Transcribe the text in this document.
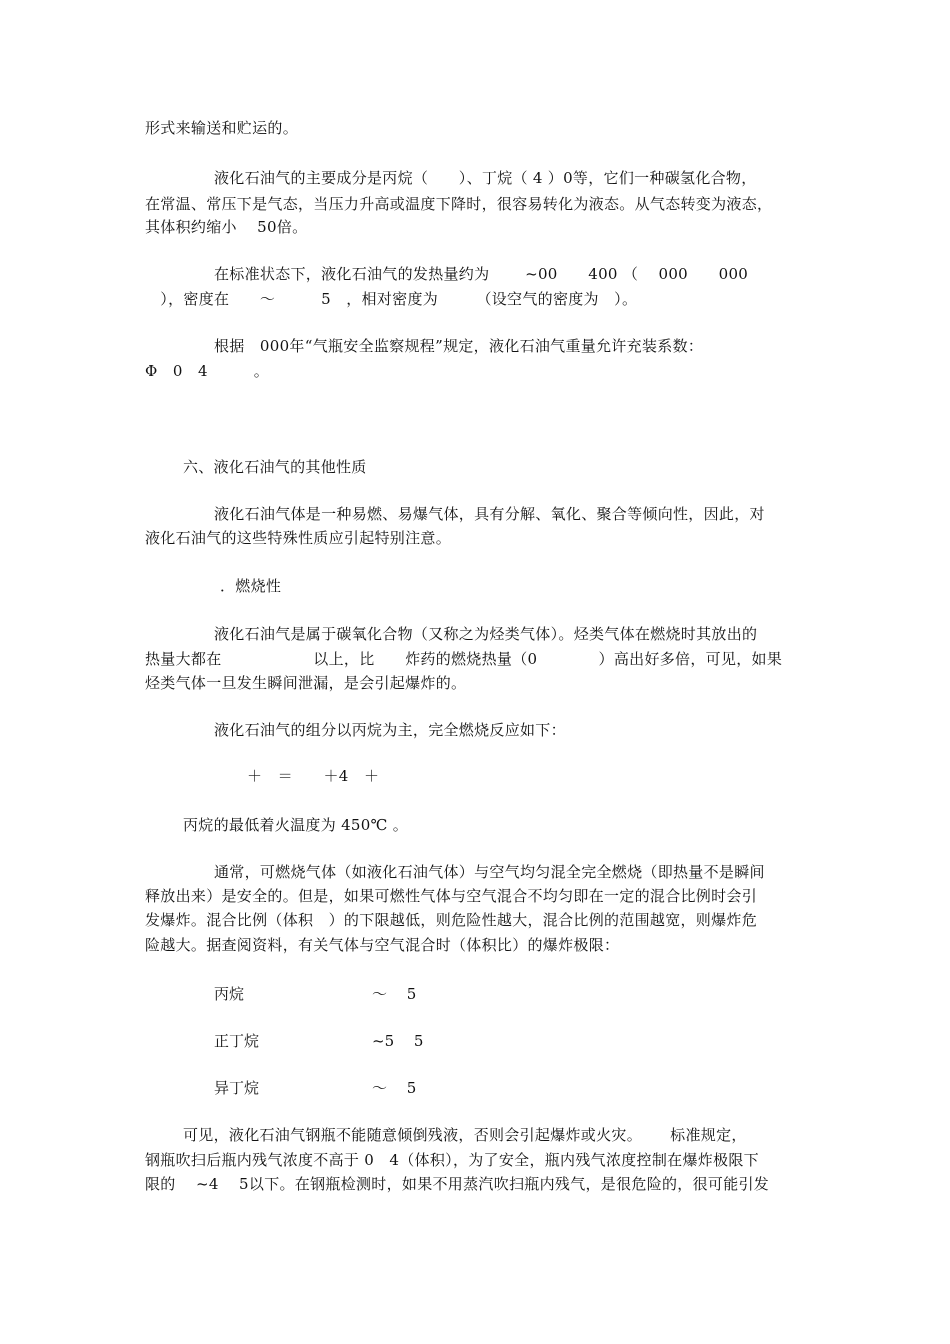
形式来输送和贮运的。
液化石油气的主要成分是丙烷（　　）、丁烷（ 4 ）0等，它们一种碳氢化合物，
在常温、常压下是气态，当压力升高或温度下降时，很容易转化为液态。从气态转变为液态，
其体积约缩小　 50倍。
在标准状态下，液化石油气的发热量约为　　 ~00　　400 （　 000　　000
　），密度在　　～　　　5　，相对密度为　　　（设空气的密度为　）。
根据　000年“气瓶安全监察规程”规定，液化石油气重量允许充装系数：
Φ　0　4　　　。
六、液化石油气的其他性质
液化石油气体是一种易燃、易爆气体，具有分解、氧化、聚合等倾向性，因此，对
液化石油气的这些特殊性质应引起特别注意。
．燃烧性
液化石油气是属于碳氧化合物（又称之为烃类气体）。烃类气体在燃烧时其放出的
热量大都在　　　　　　以上，比　　炸药的燃烧热量（0　　　　）高出好多倍，可见，如果
烃类气体一旦发生瞬间泄漏，是会引起爆炸的。
液化石油气的组分以丙烷为主，完全燃烧反应如下：
＋　＝　　＋4　＋
丙烷的最低着火温度为 450℃ 。
通常，可燃烧气体（如液化石油气体）与空气均匀混全完全燃烧（即热量不是瞬间
释放出来）是安全的。但是，如果可燃性气体与空气混合不均匀即在一定的混合比例时会引
发爆炸。混合比例（体积　）的下限越低，则危险性越大，混合比例的范围越宽，则爆炸危
险越大。据查阅资料，有关气体与空气混合时（体积比）的爆炸极限：
丙烷	～　 5
正丁烷	~5　 5
异丁烷	～　 5
可见，液化石油气钢瓶不能随意倾倒残液，否则会引起爆炸或火灾。　　 标准规定，
钢瓶吹扫后瓶内残气浓度不高于 0　4（体积），为了安全，瓶内残气浓度控制在爆炸极限下
限的　 ~4　 5以下。在钢瓶检测时，如果不用蒸汽吹扫瓶内残气，是很危险的，很可能引发
